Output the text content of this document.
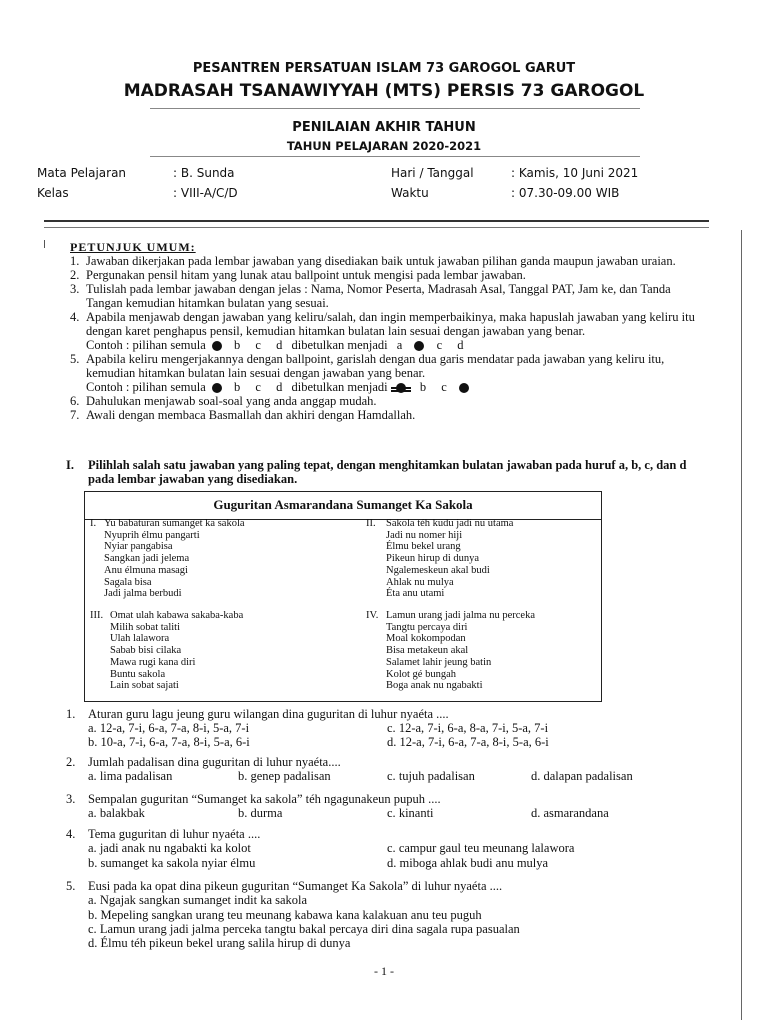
PESANTREN PERSATUAN ISLAM 73 GAROGOL GARUT
MADRASAH TSANAWIYYAH (MTS) PERSIS 73 GAROGOL
PENILAIAN AKHIR TAHUN
TAHUN PELAJARAN 2020-2021
Mata Pelajaran	: B. Sunda
Kelas	: VIII-A/C/D
Hari / Tanggal	: Kamis, 10 Juni 2021
Waktu	: 07.30-09.00 WIB
PETUNJUK UMUM:
1. Jawaban dikerjakan pada lembar jawaban yang disediakan baik untuk jawaban pilihan ganda maupun jawaban uraian.
2. Pergunakan pensil hitam yang lunak atau ballpoint untuk mengisi pada lembar jawaban.
3. Tulislah pada lembar jawaban dengan jelas : Nama, Nomor Peserta, Madrasah Asal, Tanggal PAT, Jam ke, dan Tanda Tangan kemudian hitamkan bulatan yang sesuai.
4. Apabila menjawab dengan jawaban yang keliru/salah, dan ingin memperbaikinya, maka hapuslah jawaban yang keliru itu dengan karet penghapus pensil, kemudian hitamkan bulatan lain sesuai dengan jawaban yang benar.
Contoh : pilihan semula b c d dibetulkan menjadi a	c d
5. Apabila keliru mengerjakannya dengan ballpoint, garislah dengan dua garis mendatar pada jawaban yang keliru itu, kemudian hitamkan bulatan lain sesuai dengan jawaban yang benar.
Contoh : pilihan semula b c d dibetulkan menjadi	b c
6. Dahulukan menjawab soal-soal yang anda anggap mudah.
7. Awali dengan membaca Basmallah dan akhiri dengan Hamdallah.
I.	Pilihlah salah satu jawaban yang paling tepat, dengan menghitamkan bulatan jawaban pada huruf a, b, c, dan d pada lembar jawaban yang disediakan.
Guguritan Asmarandana Sumanget Ka Sakola
I. Yu babaturan sumanget ka sakola
Nyuprih élmu pangarti
Nyiar pangabisa
Sangkan jadi jelema
Anu élmuna masagi
Sagala bisa
Jadi jalma berbudi
II. Sakola téh kudu jadi nu utama
Jadi nu nomer hiji
Élmu bekel urang
Pikeun hirup di dunya
Ngalemeskeun akal budi
Ahlak nu mulya
Éta anu utami
III. Omat ulah kabawa sakaba-kaba
Milih sobat taliti
Ulah lalawora
Sabab bisi cilaka
Mawa rugi kana diri
Buntu sakola
Lain sobat sajati
IV. Lamun urang jadi jalma nu perceka
Tangtu percaya diri
Moal kokompodan
Bisa metakeun akal
Salamet lahir jeung batin
Kolot gé bungah
Boga anak nu ngabakti
1.	Aturan guru lagu jeung guru wilangan dina guguritan di luhur nyaéta ....
a. 12-a, 7-i, 6-a, 7-a, 8-i, 5-a, 7-i
b. 10-a, 7-i, 6-a, 7-a, 8-i, 5-a, 6-i
c. 12-a, 7-i, 6-a, 8-a, 7-i, 5-a, 7-i
d. 12-a, 7-i, 6-a, 7-a, 8-i, 5-a, 6-i
2.	Jumlah padalisan dina guguritan di luhur nyaéta....
a. lima padalisan	b. genep padalisan	c. tujuh padalisan	d. dalapan padalisan
3.	Sempalan guguritan “Sumanget ka sakola” téh ngagunakeun pupuh ....
a. balakbak	b. durma	c. kinanti	d. asmarandana
4.	Tema guguritan di luhur nyaéta ....
a. jadi anak nu ngabakti ka kolot
b. sumanget ka sakola nyiar élmu
c. campur gaul teu meunang lalawora
d. miboga ahlak budi anu mulya
5.	Eusi pada ka opat dina pikeun guguritan “Sumanget Ka Sakola” di luhur nyaéta ....
a. Ngajak sangkan sumanget indit ka sakola
b. Mepeling sangkan urang teu meunang kabawa kana kalakuan anu teu puguh
c. Lamun urang jadi jalma perceka tangtu bakal percaya diri dina sagala rupa pasualan
d. Élmu téh pikeun bekel urang salila hirup di dunya
- 1 -
